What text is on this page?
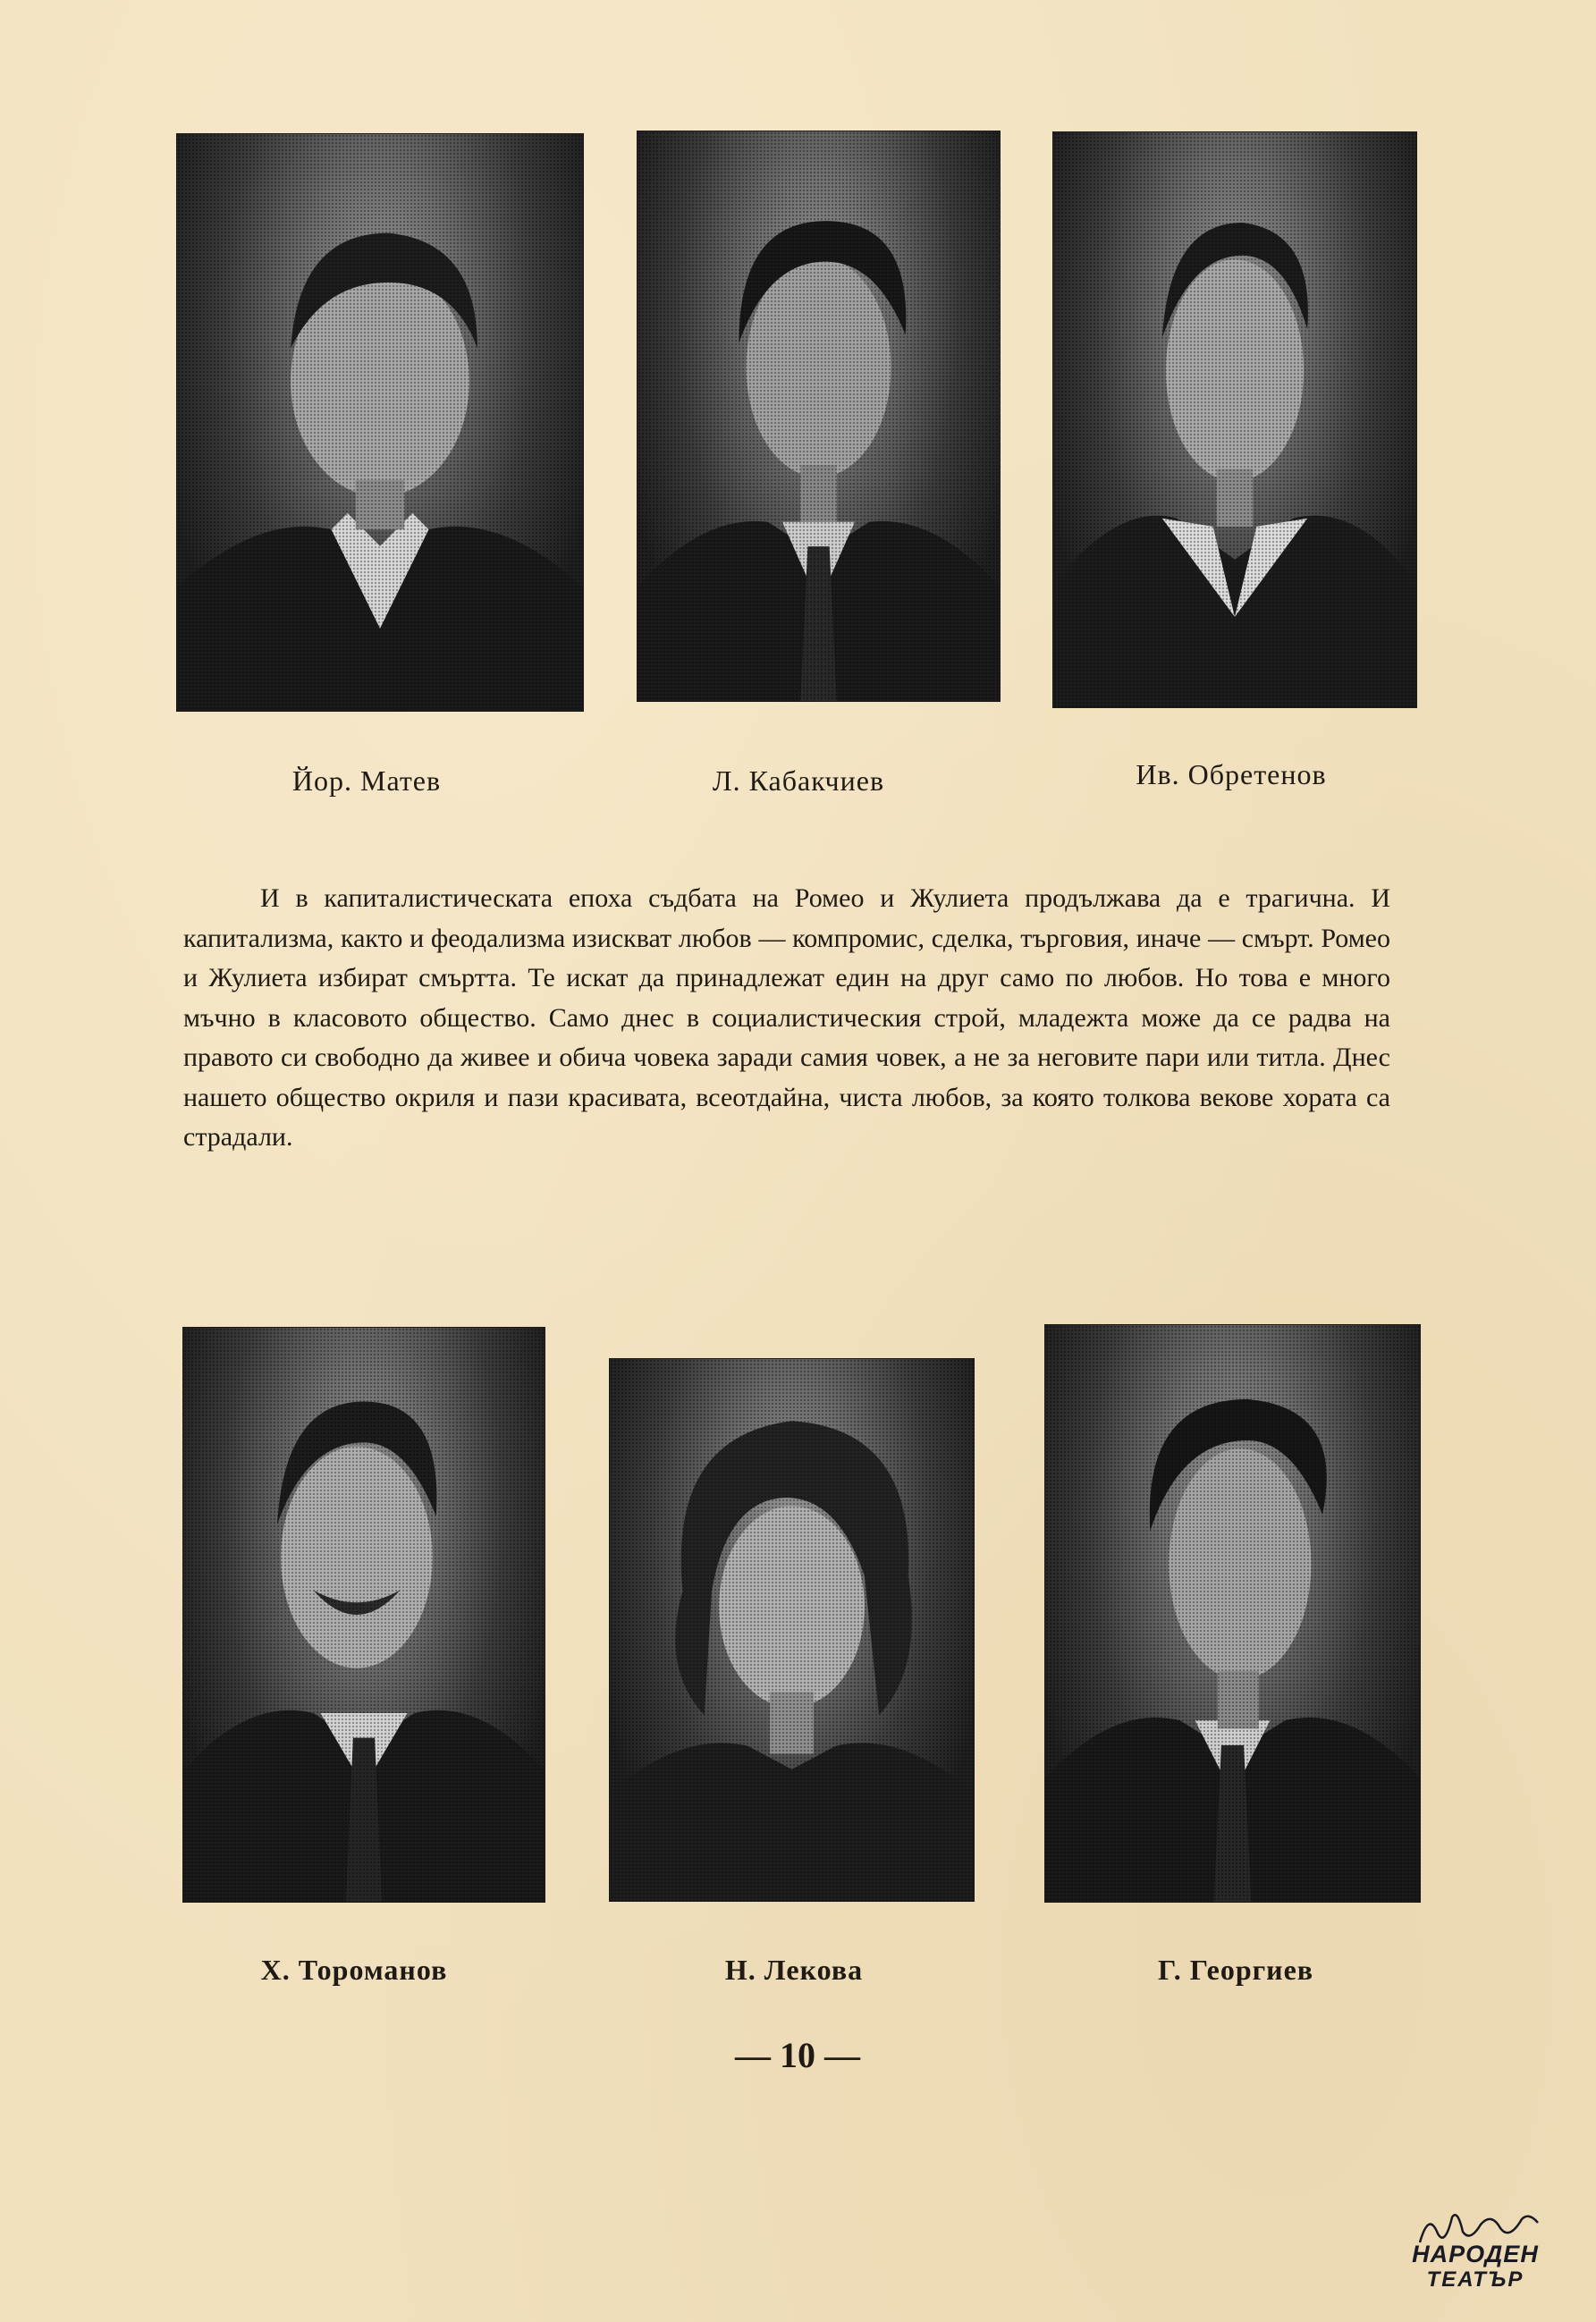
Йор. Матев	Л. Кабакчиев	Ив. Обретенов

И в капиталистическата епоха съдбата на Ромео и Жулиета продължава да е трагична. И капитализма, както и феодализма изискват любов — компромис, сделка, търговия, иначе — смърт. Ромео и Жулиета избират смъртта. Те искат да принадлежат един на друг само по любов. Но това е много мъчно в класовото общество. Само днес в социалистическия строй, младежта може да се радва на правото си свободно да живее и обича човека заради самия човек, а не за неговите пари или титла. Днес нашето общество окриля и пази красивата, всеотдайна, чиста любов, за която толкова векове хората са страдали.

Х. Тороманов	Н. Лекова	Г. Георгиев
— 10 —
НАРОДЕН
ТЕАТЪР
